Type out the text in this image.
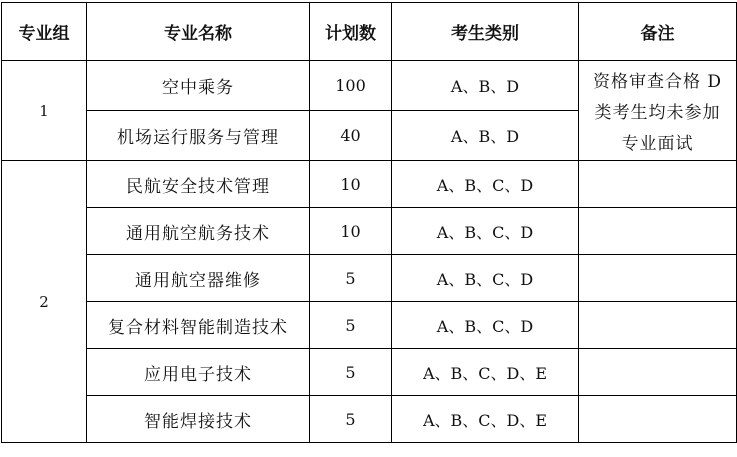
专业组	专业名称	计划数	考生类别	备注
1	空中乘务	100	A、B、D	资格审查合格 D 类考生均未参加专业面试
	机场运行服务与管理	40	A、B、D	
2	民航安全技术管理	10	A、B、C、D	
	通用航空航务技术	10	A、B、C、D	
	通用航空器维修	5	A、B、C、D	
	复合材料智能制造技术	5	A、B、C、D	
	应用电子技术	5	A、B、C、D、E	
	智能焊接技术	5	A、B、C、D、E	
